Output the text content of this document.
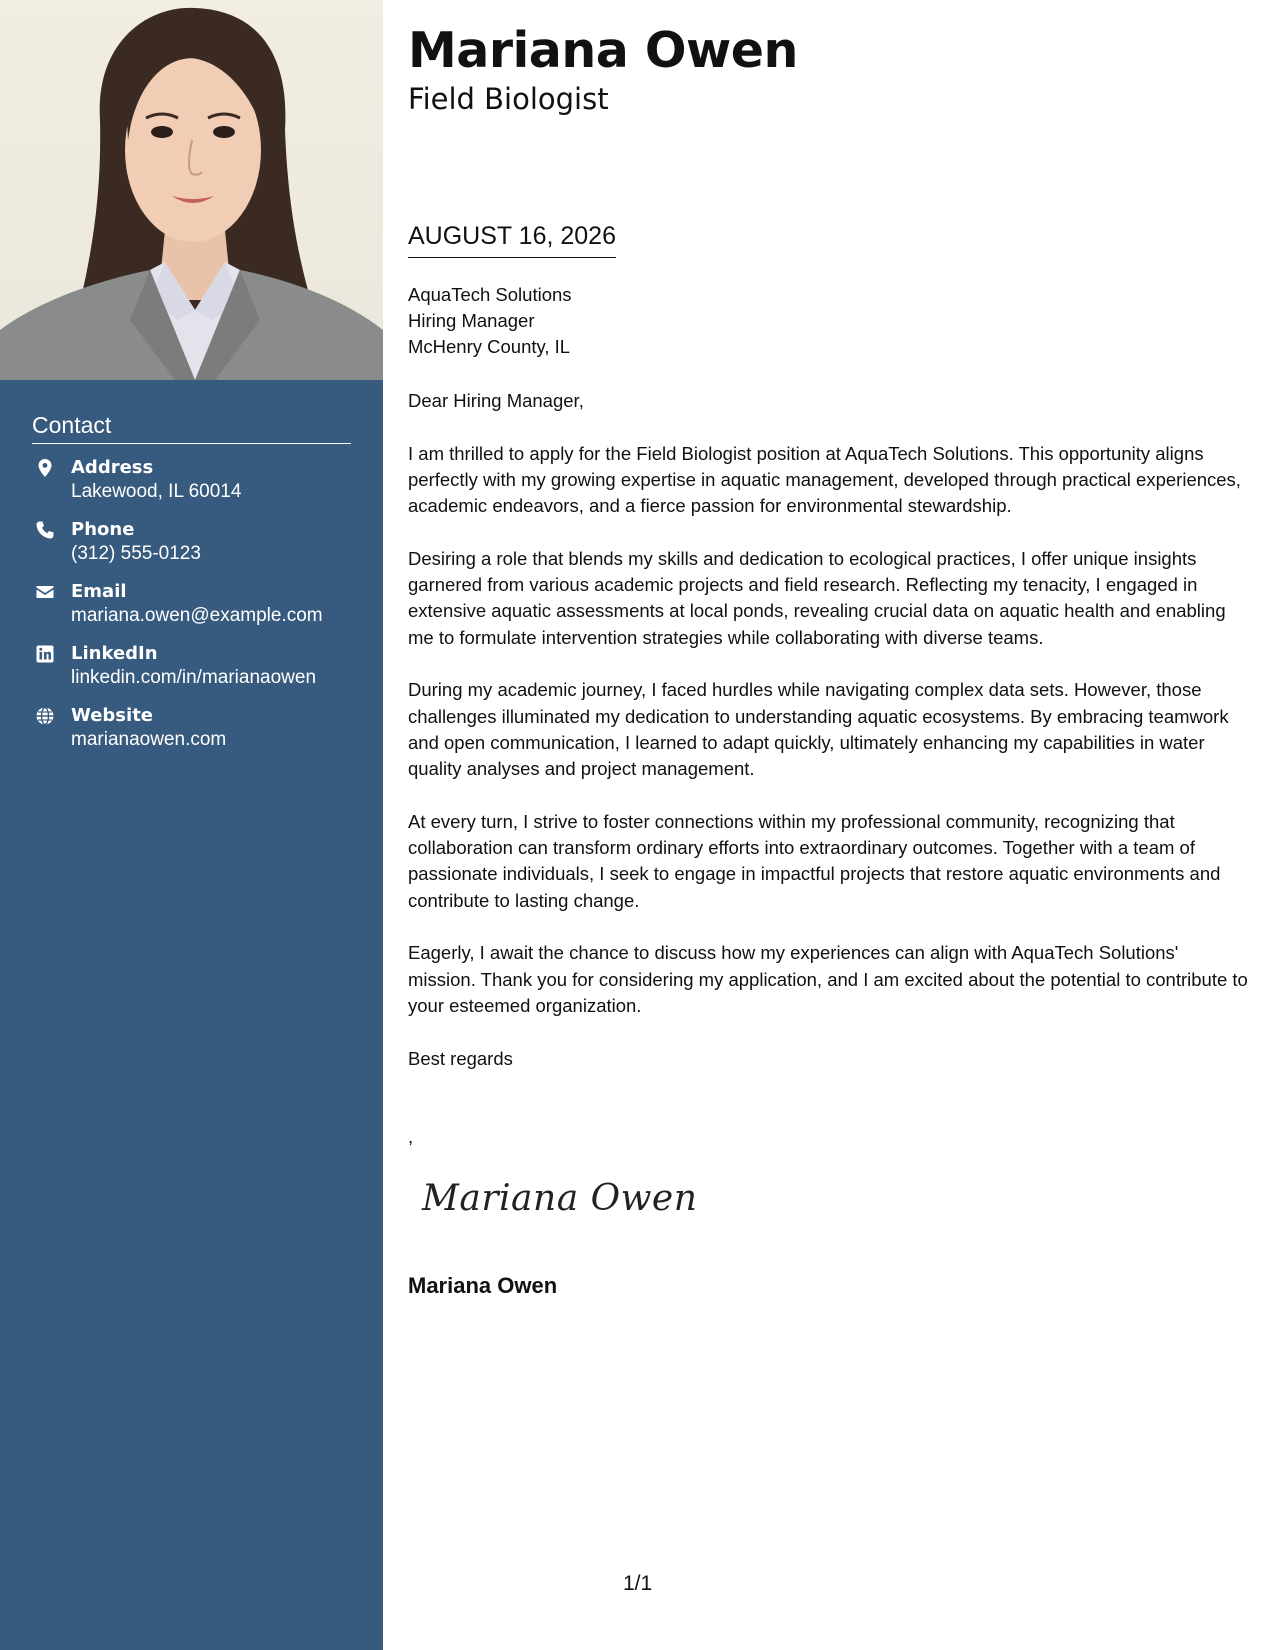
Contact
Address
Lakewood, IL 60014
Phone
(312) 555-0123
Email
mariana.owen@example.com
LinkedIn
linkedin.com/in/marianaowen
Website
marianaowen.com
Mariana Owen
Field Biologist
AUGUST 16, 2026
AquaTech Solutions
Hiring Manager
McHenry County, IL

Dear Hiring Manager,

I am thrilled to apply for the Field Biologist position at AquaTech Solutions. This opportunity aligns perfectly with my growing expertise in aquatic management, developed through practical experiences, academic endeavors, and a fierce passion for environmental stewardship.

Desiring a role that blends my skills and dedication to ecological practices, I offer unique insights garnered from various academic projects and field research. Reflecting my tenacity, I engaged in extensive aquatic assessments at local ponds, revealing crucial data on aquatic health and enabling me to formulate intervention strategies while collaborating with diverse teams.

During my academic journey, I faced hurdles while navigating complex data sets. However, those challenges illuminated my dedication to understanding aquatic ecosystems. By embracing teamwork and open communication, I learned to adapt quickly, ultimately enhancing my capabilities in water quality analyses and project management.

At every turn, I strive to foster connections within my professional community, recognizing that collaboration can transform ordinary efforts into extraordinary outcomes. Together with a team of passionate individuals, I seek to engage in impactful projects that restore aquatic environments and contribute to lasting change.

Eagerly, I await the chance to discuss how my experiences can align with AquaTech Solutions' mission. Thank you for considering my application, and I am excited about the potential to contribute to your esteemed organization.

Best regards
,
Mariana Owen
Mariana Owen
1/1
